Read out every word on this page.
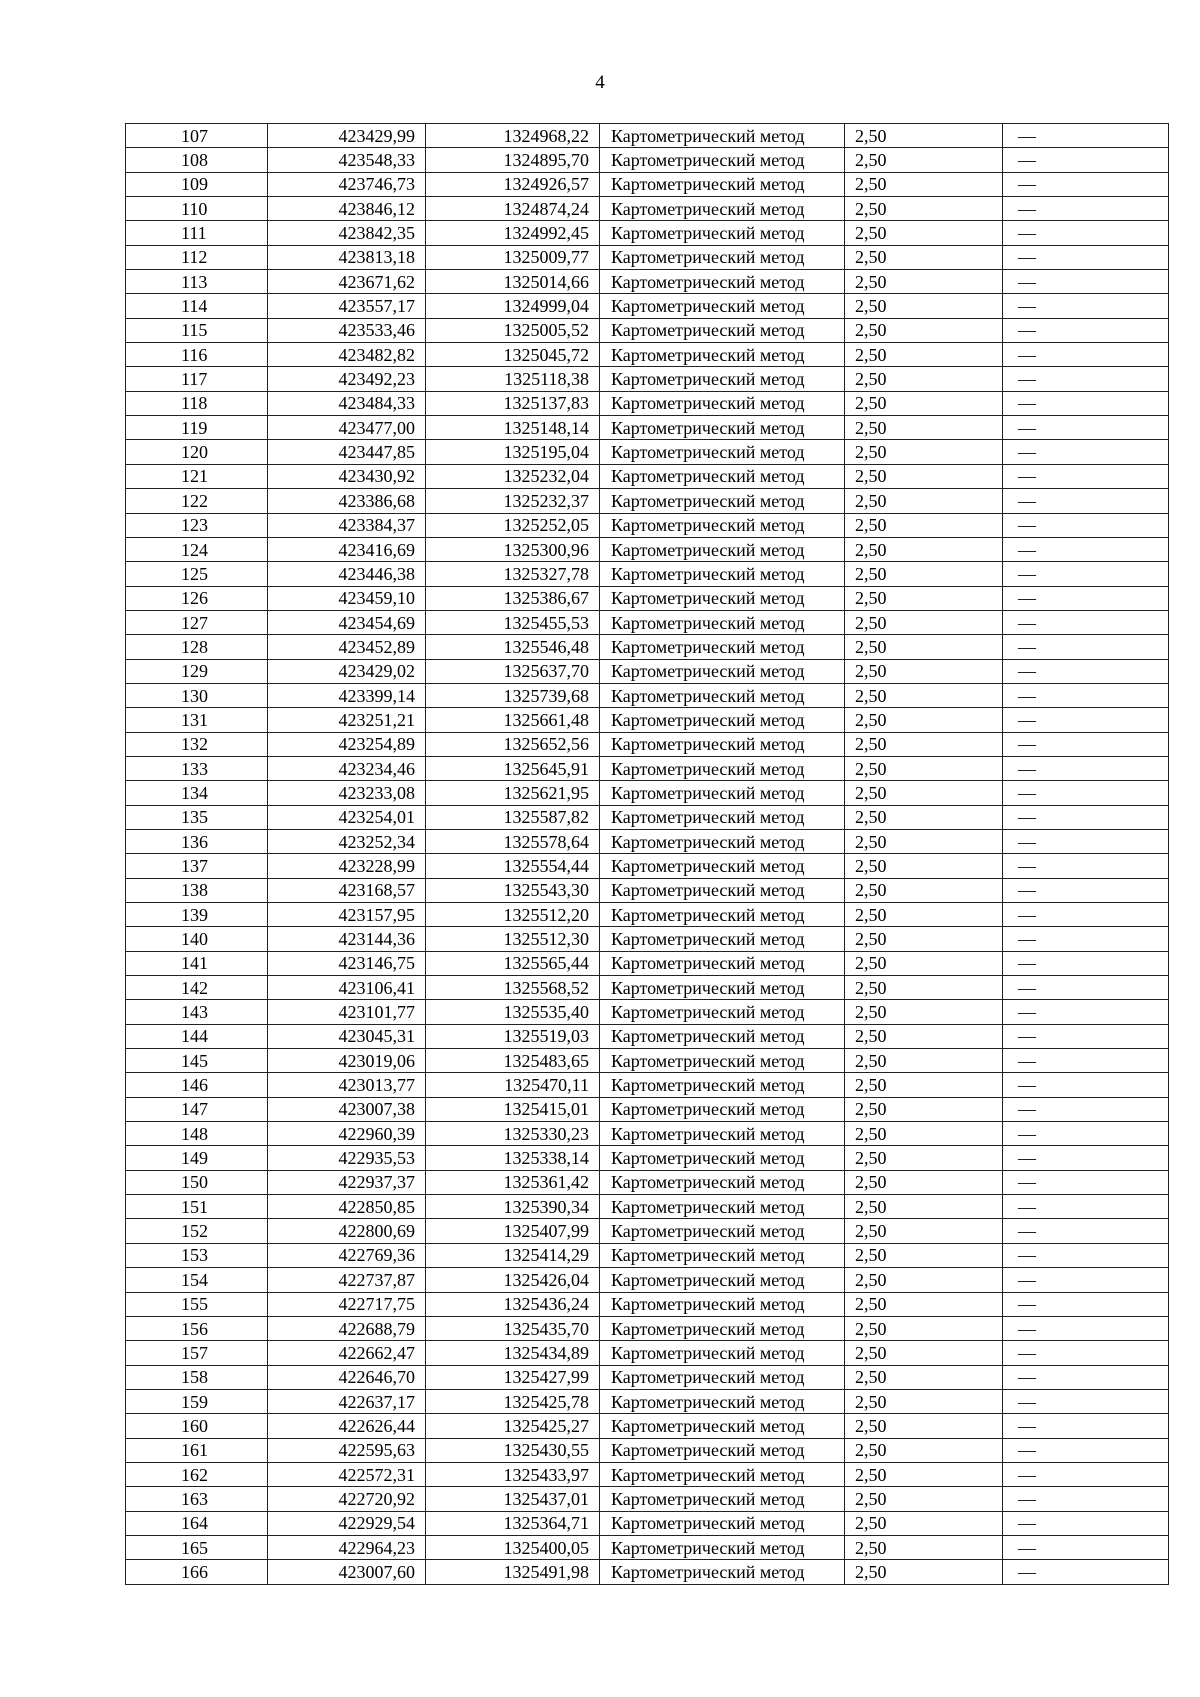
4
107	423429,99	1324968,22	Картометрический метод	2,50	—
108	423548,33	1324895,70	Картометрический метод	2,50	—
109	423746,73	1324926,57	Картометрический метод	2,50	—
110	423846,12	1324874,24	Картометрический метод	2,50	—
111	423842,35	1324992,45	Картометрический метод	2,50	—
112	423813,18	1325009,77	Картометрический метод	2,50	—
113	423671,62	1325014,66	Картометрический метод	2,50	—
114	423557,17	1324999,04	Картометрический метод	2,50	—
115	423533,46	1325005,52	Картометрический метод	2,50	—
116	423482,82	1325045,72	Картометрический метод	2,50	—
117	423492,23	1325118,38	Картометрический метод	2,50	—
118	423484,33	1325137,83	Картометрический метод	2,50	—
119	423477,00	1325148,14	Картометрический метод	2,50	—
120	423447,85	1325195,04	Картометрический метод	2,50	—
121	423430,92	1325232,04	Картометрический метод	2,50	—
122	423386,68	1325232,37	Картометрический метод	2,50	—
123	423384,37	1325252,05	Картометрический метод	2,50	—
124	423416,69	1325300,96	Картометрический метод	2,50	—
125	423446,38	1325327,78	Картометрический метод	2,50	—
126	423459,10	1325386,67	Картометрический метод	2,50	—
127	423454,69	1325455,53	Картометрический метод	2,50	—
128	423452,89	1325546,48	Картометрический метод	2,50	—
129	423429,02	1325637,70	Картометрический метод	2,50	—
130	423399,14	1325739,68	Картометрический метод	2,50	—
131	423251,21	1325661,48	Картометрический метод	2,50	—
132	423254,89	1325652,56	Картометрический метод	2,50	—
133	423234,46	1325645,91	Картометрический метод	2,50	—
134	423233,08	1325621,95	Картометрический метод	2,50	—
135	423254,01	1325587,82	Картометрический метод	2,50	—
136	423252,34	1325578,64	Картометрический метод	2,50	—
137	423228,99	1325554,44	Картометрический метод	2,50	—
138	423168,57	1325543,30	Картометрический метод	2,50	—
139	423157,95	1325512,20	Картометрический метод	2,50	—
140	423144,36	1325512,30	Картометрический метод	2,50	—
141	423146,75	1325565,44	Картометрический метод	2,50	—
142	423106,41	1325568,52	Картометрический метод	2,50	—
143	423101,77	1325535,40	Картометрический метод	2,50	—
144	423045,31	1325519,03	Картометрический метод	2,50	—
145	423019,06	1325483,65	Картометрический метод	2,50	—
146	423013,77	1325470,11	Картометрический метод	2,50	—
147	423007,38	1325415,01	Картометрический метод	2,50	—
148	422960,39	1325330,23	Картометрический метод	2,50	—
149	422935,53	1325338,14	Картометрический метод	2,50	—
150	422937,37	1325361,42	Картометрический метод	2,50	—
151	422850,85	1325390,34	Картометрический метод	2,50	—
152	422800,69	1325407,99	Картометрический метод	2,50	—
153	422769,36	1325414,29	Картометрический метод	2,50	—
154	422737,87	1325426,04	Картометрический метод	2,50	—
155	422717,75	1325436,24	Картометрический метод	2,50	—
156	422688,79	1325435,70	Картометрический метод	2,50	—
157	422662,47	1325434,89	Картометрический метод	2,50	—
158	422646,70	1325427,99	Картометрический метод	2,50	—
159	422637,17	1325425,78	Картометрический метод	2,50	—
160	422626,44	1325425,27	Картометрический метод	2,50	—
161	422595,63	1325430,55	Картометрический метод	2,50	—
162	422572,31	1325433,97	Картометрический метод	2,50	—
163	422720,92	1325437,01	Картометрический метод	2,50	—
164	422929,54	1325364,71	Картометрический метод	2,50	—
165	422964,23	1325400,05	Картометрический метод	2,50	—
166	423007,60	1325491,98	Картометрический метод	2,50	—
